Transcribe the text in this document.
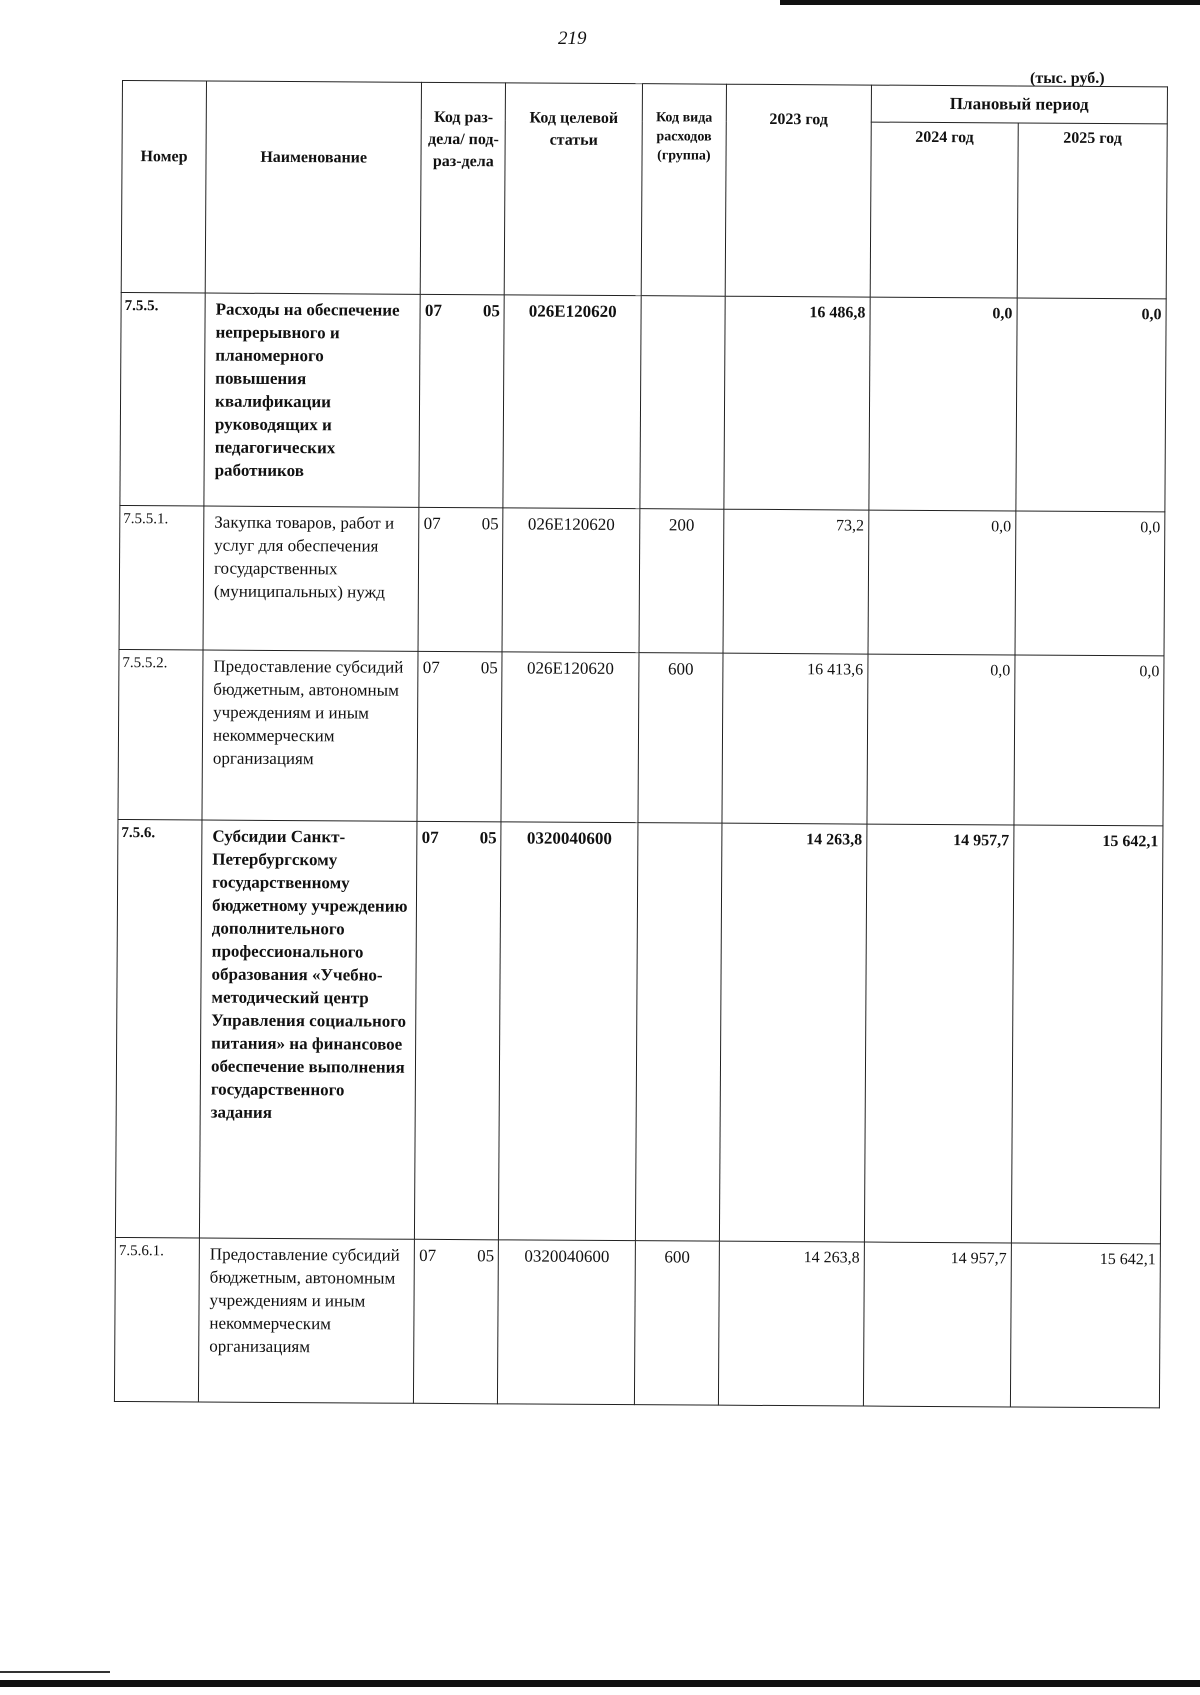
219
(тыс. руб.)
Номер	Наименование	Код раз-дела/ под-раз-дела	Код целевой статьи	Код вида расходов (группа)	2023 год	Плановый период	
						2024 год	2025 год
7.5.5.	Расходы на обеспечение непрерывного и планомерного повышения квалификации руководящих и педагогических работников	07 05	026E120620		16 486,8	0,0	0,0
7.5.5.1.	Закупка товаров, работ и услуг для обеспечения государственных (муниципальных) нужд	07 05	026E120620	200	73,2	0,0	0,0
7.5.5.2.	Предоставление субсидий бюджетным, автономным учреждениям и иным некоммерческим организациям	07 05	026E120620	600	16 413,6	0,0	0,0
7.5.6.	Субсидии Санкт-Петербургскому государственному бюджетному учреждению дополнительного профессионального образования «Учебно-методический центр Управления социального питания» на финансовое обеспечение выполнения государственного задания	07 05	0320040600		14 263,8	14 957,7	15 642,1
7.5.6.1.	Предоставление субсидий бюджетным, автономным учреждениям и иным некоммерческим организациям	07 05	0320040600	600	14 263,8	14 957,7	15 642,1
